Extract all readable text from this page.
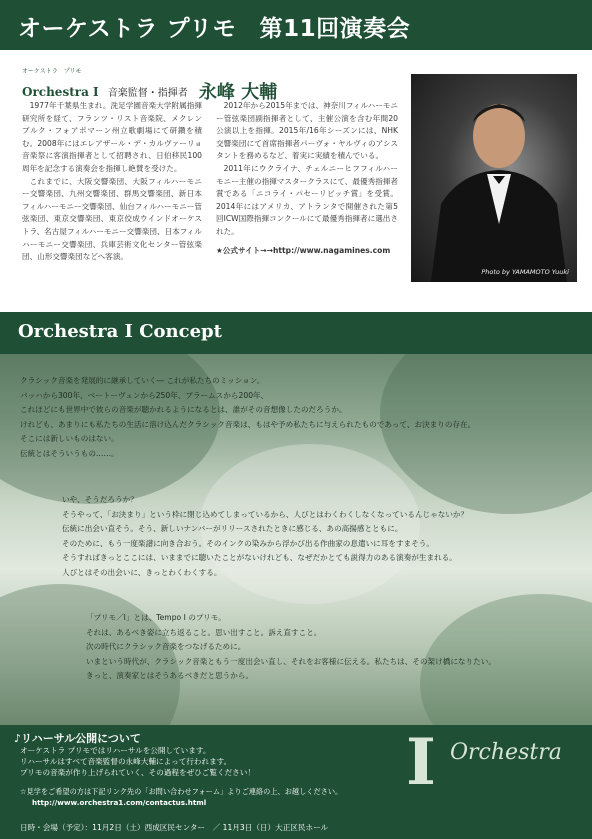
オーケストラ プリモ　第11回演奏会
オーケストラ　プリモ
Orchestra Ⅰ 音楽監督・指揮者 永峰 大輔

1977年千葉県生まれ。洗足学園音楽大学附属指揮研究所を経て、フランツ・リスト音楽院、メクレンブルク・フォアポマーン州立歌劇場にて研鑽を積む。2008年にはエレアザール・デ・カルヴァーリョ音楽祭に客演指揮者として招聘され、日伯移民100周年を記念する演奏会を指揮し絶賛を受けた。

これまでに、大阪交響楽団、大阪フィルハーモニー交響楽団、九州交響楽団、群馬交響楽団、新日本フィルハーモニー交響楽団、仙台フィルハーモニー管弦楽団、東京交響楽団、東京佼成ウインドオーケストラ、名古屋フィルハーモニー交響楽団、日本フィルハーモニー交響楽団、兵庫芸術文化センター管弦楽団、山形交響楽団などへ客演。

2012年から2015年までは、神奈川フィルハーモニー管弦楽団副指揮者として、主催公演を含む年間20公演以上を指揮。2015年/16年シーズンには、NHK交響楽団にて首席指揮者パーヴォ・ヤルヴィのアシスタントを務めるなど、着実に実績を積んでいる。

2011年にウクライナ、チェルニーヒフフィルハーモニー主催の指揮マスタークラスにて、最優秀指揮者賞である「ニコライ・パセーリビッチ賞」を受賞。2014年にはアメリカ、アトランタで開催された第5回ICW国際指揮コンクールにて最優秀指揮者に選出された。

★公式サイト→→http://www.nagamines.com

Photo by YAMAMOTO Yuuki
Orchestra Ⅰ Concept

クラシック音楽を発展的に継承していく― これが私たちのミッション。

バッハから300年、ベートーヴェンから250年、ブラームスから200年、

これほどにも世界中で彼らの音楽が聴かれるようになるとは、誰がその音想像したのだろうか。

けれども、あまりにも私たちの生活に溶け込んだクラシック音楽は、もはや予め私たちに与えられたものであって、お決まりの存在。

そこには新しいものはない。

伝統とはそういうもの……。

いや、そうだろうか？

そうやって、「お決まり」という枠に閉じ込めてしまっているから、人びとはわくわくしなくなっているんじゃないか？

伝統に出会い直そう。そう、新しいナンバーがリリースされたときに感じる、あの高揚感とともに。

そのために、もう一度楽譜に向き合おう。そのインクの染みから浮かび出る作曲家の息遣いに耳をすまそう。

そうすればきっとここには、いままでに聴いたことがないけれども、なぜだかとても説得力のある演奏が生まれる。

人びとはその出会いに、きっとわくわくする。

「プリモ／Ⅰ」とは、Tempo Ⅰ のプリモ。

それは、あるべき姿に立ち返ること。思い出すこと。訴え直すこと。

次の時代にクラシック音楽をつなげるために。

いまという時代が、クラシック音楽ともう一度出会い直し、それをお客様に伝える。私たちは、その架け橋になりたい。

きっと、演奏家とはそうあるべきだと思うから。

♪リハーサル公開について

オーケストラ プリモではリハーサルを公開しています。

リハーサルはすべて音楽監督の永峰大輔によって行われます。

プリモの音楽が作り上げられていく、その過程をぜひご覧ください！

☆見学をご希望の方は下記リンク先の「お問い合わせフォーム」よりご連絡の上、お越しください。

http://www.orchestra1.com/contactus.html

日時・会場（予定）：11月2日（土）西成区民センター　／ 11月3日（日）大正区民ホール
I Orchestra
